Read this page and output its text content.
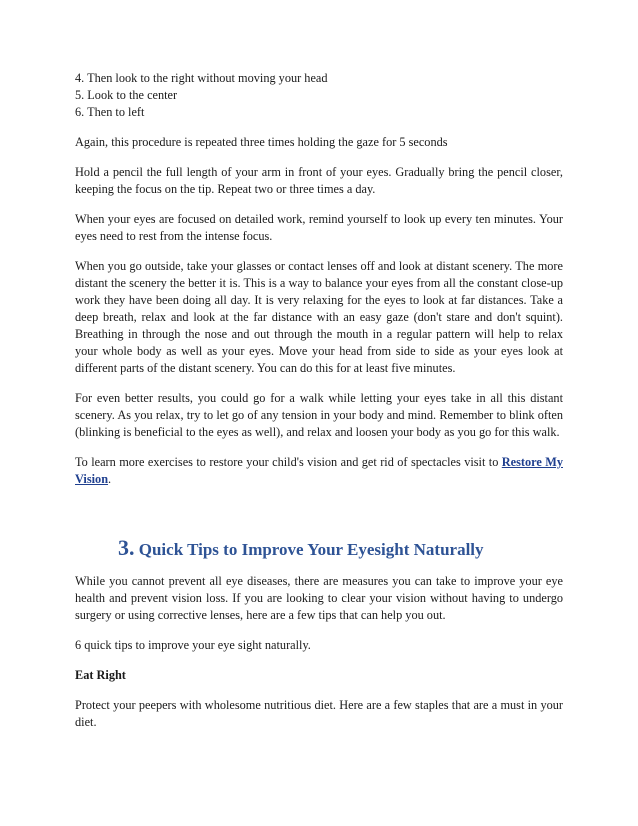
4. Then look to the right without moving your head

5. Look to the center

6. Then to left

Again, this procedure is repeated three times holding the gaze for 5 seconds

Hold a pencil the full length of your arm in front of your eyes. Gradually bring the pencil closer, keeping the focus on the tip. Repeat two or three times a day.

When your eyes are focused on detailed work, remind yourself to look up every ten minutes. Your eyes need to rest from the intense focus.

When you go outside, take your glasses or contact lenses off and look at distant scenery. The more distant the scenery the better it is. This is a way to balance your eyes from all the constant close-up work they have been doing all day. It is very relaxing for the eyes to look at far distances. Take a deep breath, relax and look at the far distance with an easy gaze (don't stare and don't squint). Breathing in through the nose and out through the mouth in a regular pattern will help to relax your whole body as well as your eyes. Move your head from side to side as your eyes look at different parts of the distant scenery. You can do this for at least five minutes.

For even better results, you could go for a walk while letting your eyes take in all this distant scenery. As you relax, try to let go of any tension in your body and mind. Remember to blink often (blinking is beneficial to the eyes as well), and relax and loosen your body as you go for this walk.

To learn more exercises to restore your child's vision and get rid of spectacles visit to Restore My Vision.

3. Quick Tips to Improve Your Eyesight Naturally

While you cannot prevent all eye diseases, there are measures you can take to improve your eye health and prevent vision loss. If you are looking to clear your vision without having to undergo surgery or using corrective lenses, here are a few tips that can help you out.

6 quick tips to improve your eye sight naturally.

Eat Right

Protect your peepers with wholesome nutritious diet. Here are a few staples that are a must in your diet.
